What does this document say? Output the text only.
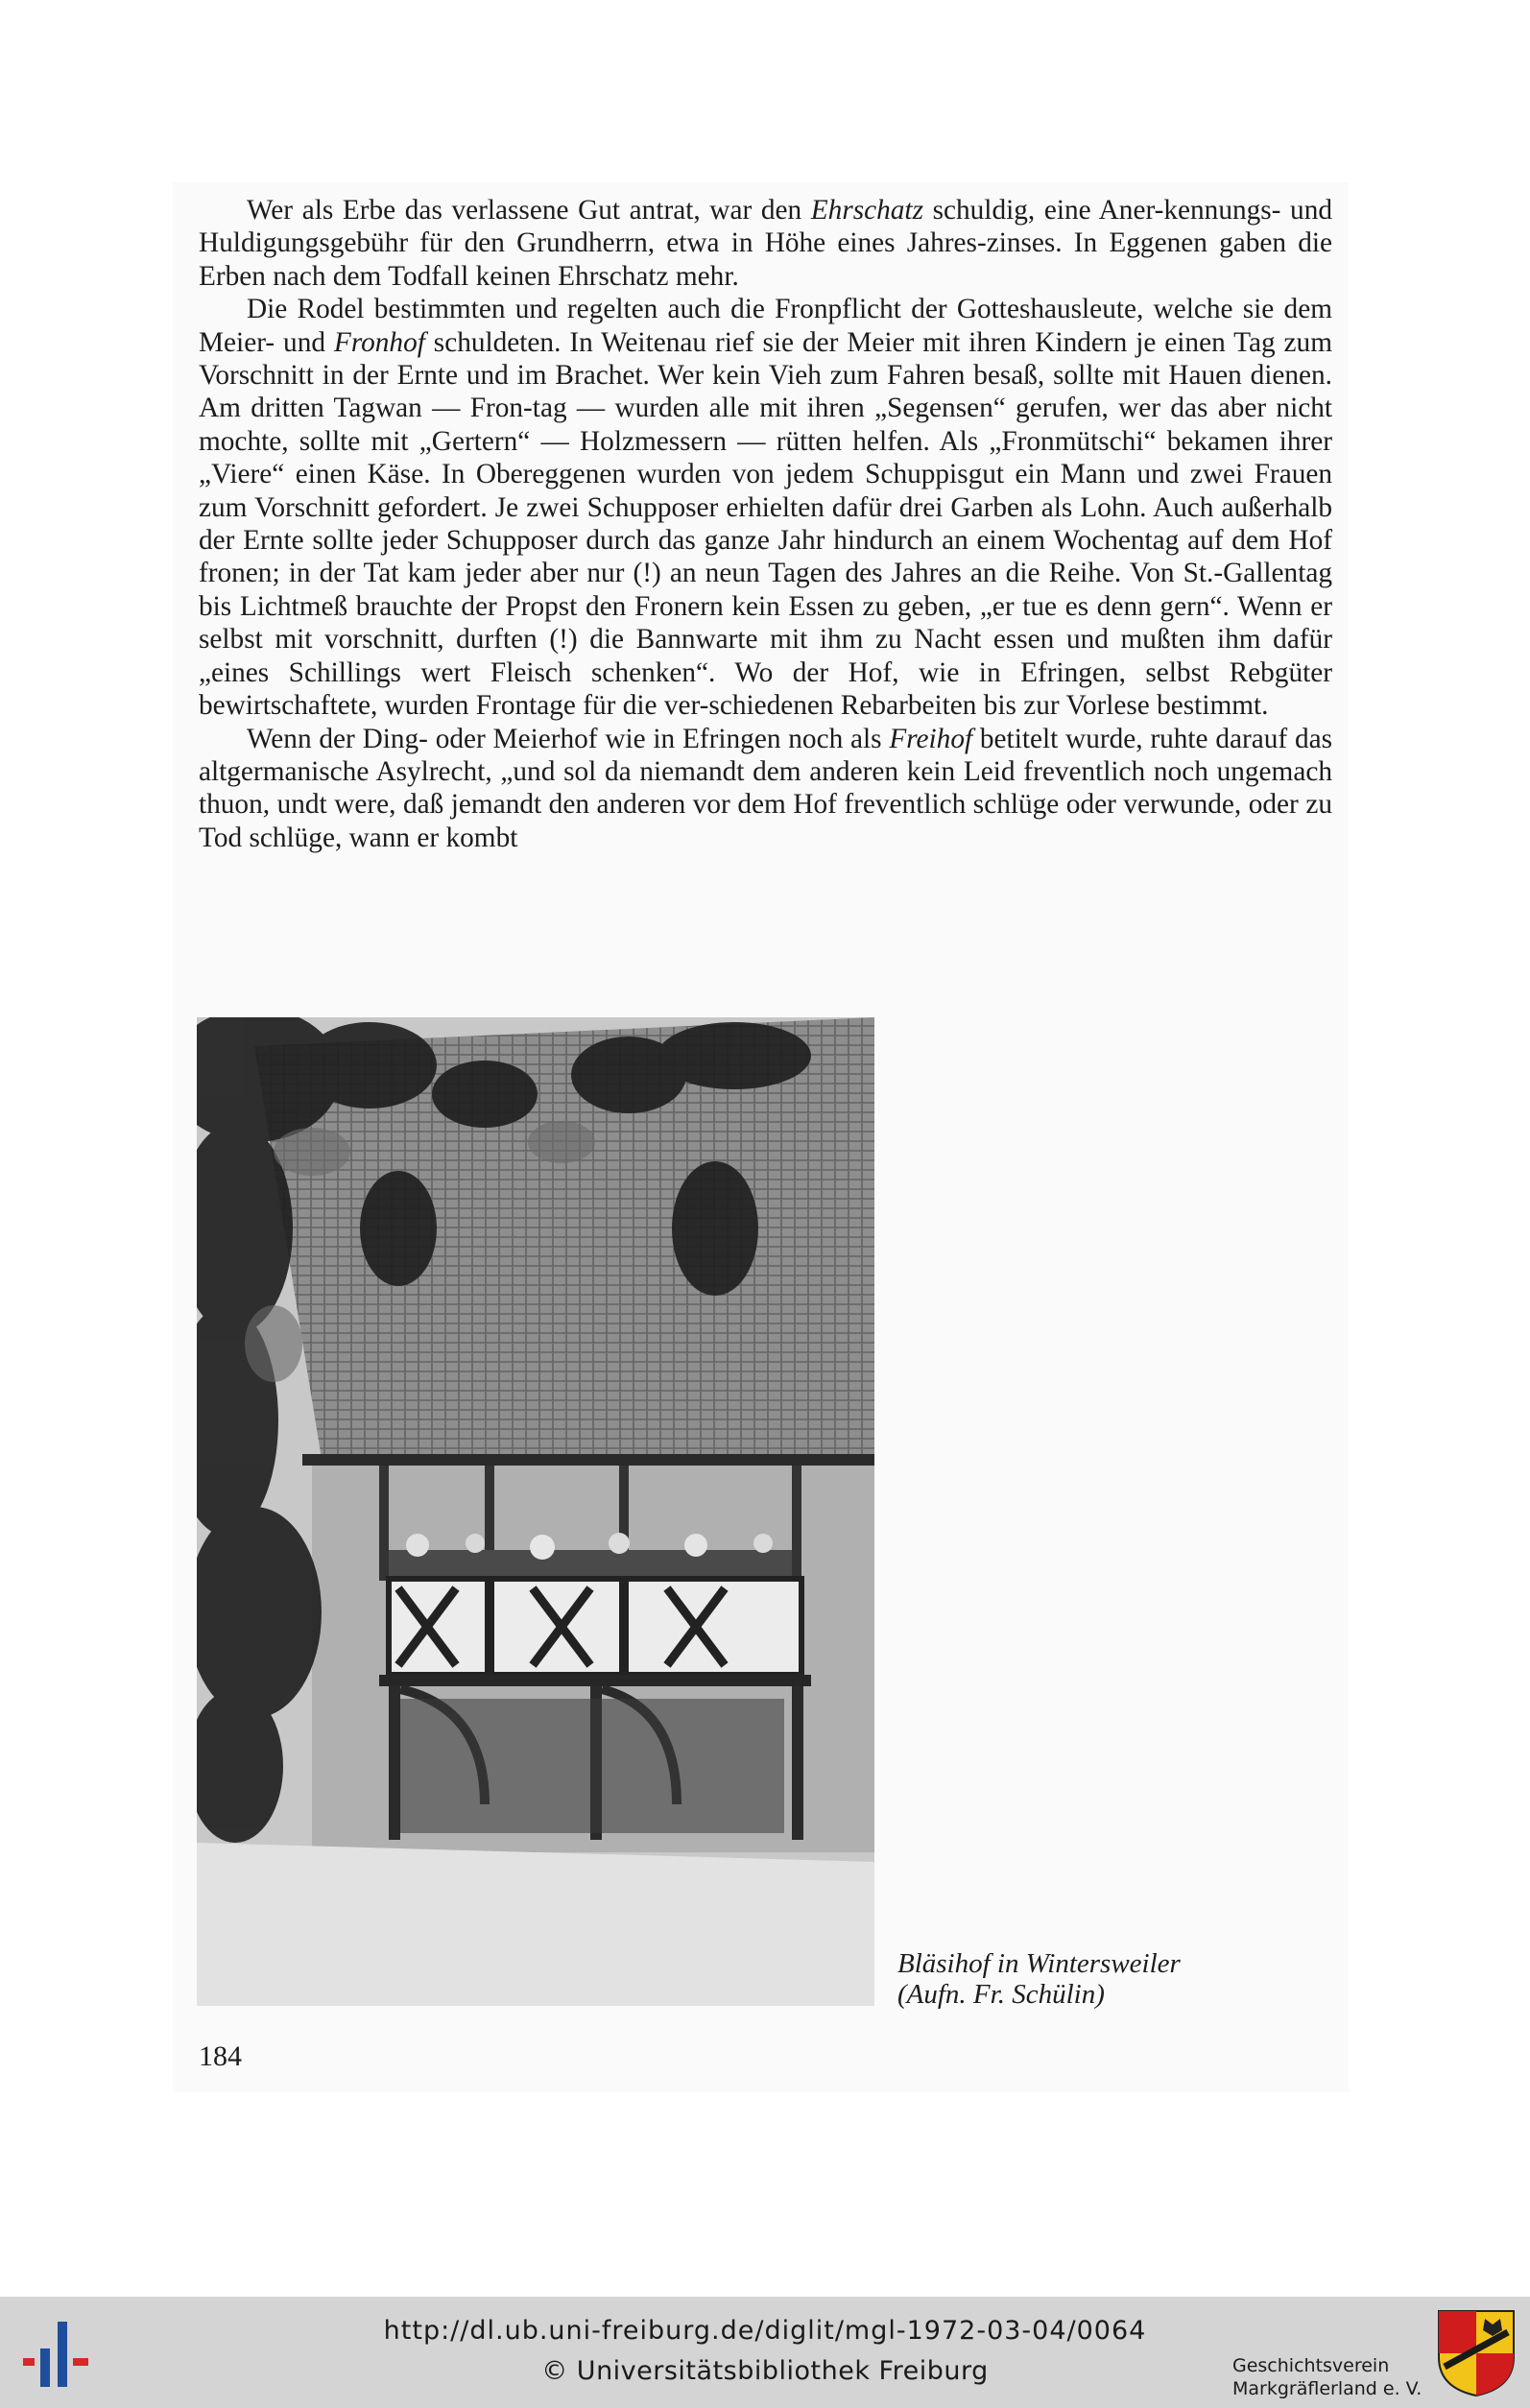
Wer als Erbe das verlassene Gut antrat, war den Ehrschatz schuldig, eine Aner-kennungs- und Huldigungsgebühr für den Grundherrn, etwa in Höhe eines Jahres-zinses. In Eggenen gaben die Erben nach dem Todfall keinen Ehrschatz mehr.

Die Rodel bestimmten und regelten auch die Fronpflicht der Gotteshausleute, welche sie dem Meier- und Fronhof schuldeten. In Weitenau rief sie der Meier mit ihren Kindern je einen Tag zum Vorschnitt in der Ernte und im Brachet. Wer kein Vieh zum Fahren besaß, sollte mit Hauen dienen. Am dritten Tagwan — Fron-tag — wurden alle mit ihren „Segensen“ gerufen, wer das aber nicht mochte, sollte mit „Gertern“ — Holzmessern — rütten helfen. Als „Fronmütschi“ bekamen ihrer „Viere“ einen Käse. In Obereggenen wurden von jedem Schuppisgut ein Mann und zwei Frauen zum Vorschnitt gefordert. Je zwei Schupposer erhielten dafür drei Garben als Lohn. Auch außerhalb der Ernte sollte jeder Schupposer durch das ganze Jahr hindurch an einem Wochentag auf dem Hof fronen; in der Tat kam jeder aber nur (!) an neun Tagen des Jahres an die Reihe. Von St.-Gallentag bis Lichtmeß brauchte der Propst den Fronern kein Essen zu geben, „er tue es denn gern“. Wenn er selbst mit vorschnitt, durften (!) die Bannwarte mit ihm zu Nacht essen und mußten ihm dafür „eines Schillings wert Fleisch schenken“. Wo der Hof, wie in Efringen, selbst Rebgüter bewirtschaftete, wurden Frontage für die ver-schiedenen Rebarbeiten bis zur Vorlese bestimmt.

Wenn der Ding- oder Meierhof wie in Efringen noch als Freihof betitelt wurde, ruhte darauf das altgermanische Asylrecht, „und sol da niemandt dem anderen kein Leid freventlich noch ungemach thuon, undt were, daß jemandt den anderen vor dem Hof freventlich schlüge oder verwunde, oder zu Tod schlüge, wann er kombt

Bläsihof in Wintersweiler
(Aufn. Fr. Schülin)
184
http://dl.ub.uni-freiburg.de/diglit/mgl-1972-03-04/0064
© Universitätsbibliothek Freiburg	Geschichtsverein
Markgräflerland e. V.
